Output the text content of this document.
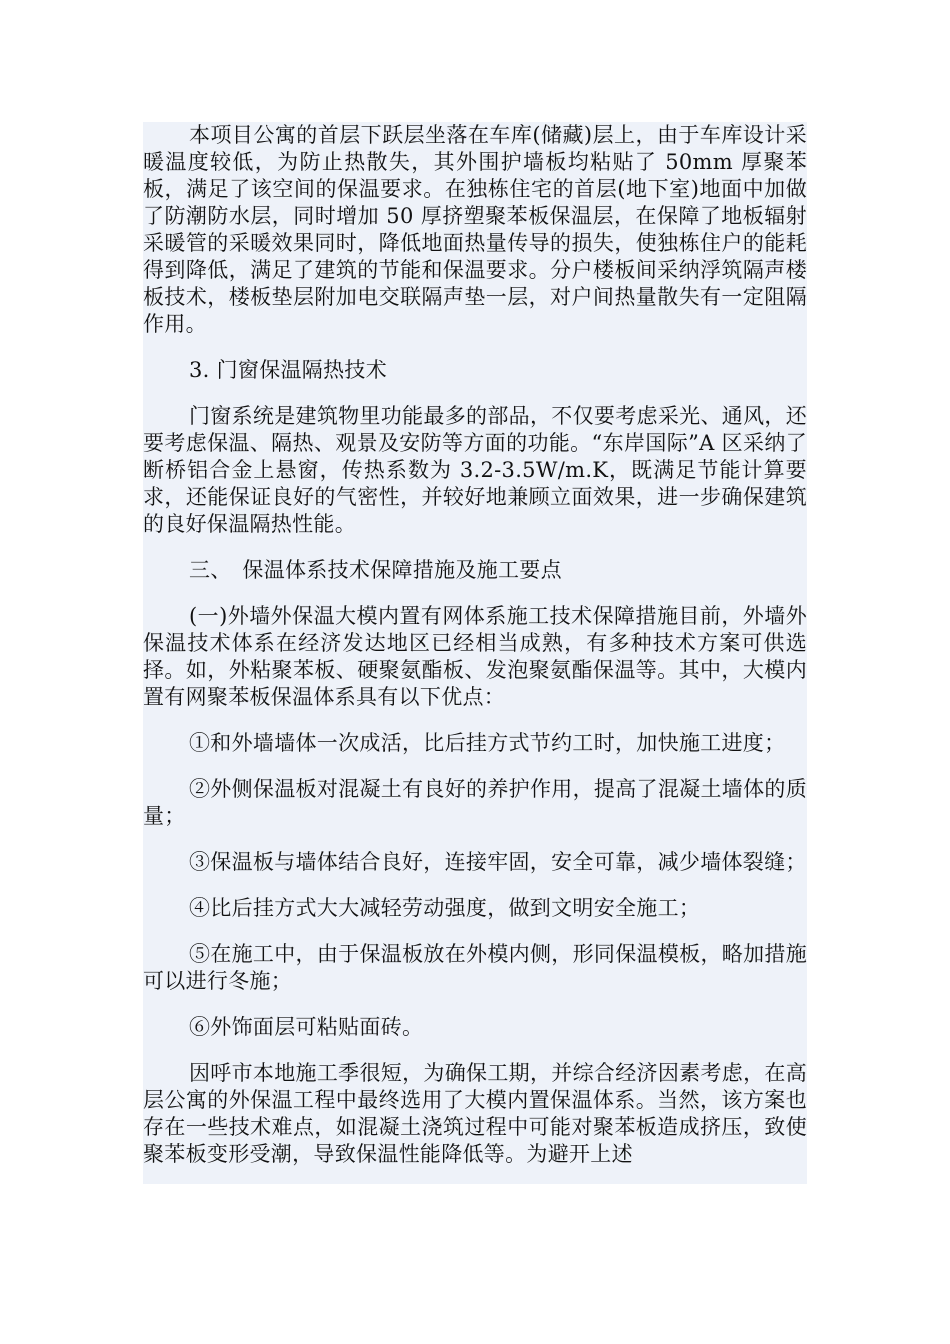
本项目公寓的首层下跃层坐落在车库(储藏)层上，由于车库设计采暖温度较低，为防止热散失，其外围护墙板均粘贴了 50mm 厚聚苯板，满足了该空间的保温要求。在独栋住宅的首层(地下室)地面中加做了防潮防水层，同时增加 50 厚挤塑聚苯板保温层，在保障了地板辐射采暖管的采暖效果同时，降低地面热量传导的损失，使独栋住户的能耗得到降低，满足了建筑的节能和保温要求。分户楼板间采纳浮筑隔声楼板技术，楼板垫层附加电交联隔声垫一层，对户间热量散失有一定阻隔作用。

3. 门窗保温隔热技术

门窗系统是建筑物里功能最多的部品，不仅要考虑采光、通风，还要考虑保温、隔热、观景及安防等方面的功能。“东岸国际”A 区采纳了断桥铝合金上悬窗，传热系数为 3.2-3.5W/m.K，既满足节能计算要求，还能保证良好的气密性，并较好地兼顾立面效果，进一步确保建筑的良好保温隔热性能。

三、　保温体系技术保障措施及施工要点

(一)外墙外保温大模内置有网体系施工技术保障措施目前，外墙外保温技术体系在经济发达地区已经相当成熟，有多种技术方案可供选择。如，外粘聚苯板、硬聚氨酯板、发泡聚氨酯保温等。其中，大模内置有网聚苯板保温体系具有以下优点：

①和外墙墙体一次成活，比后挂方式节约工时，加快施工进度；

②外侧保温板对混凝土有良好的养护作用，提高了混凝土墙体的质量；

③保温板与墙体结合良好，连接牢固，安全可靠，减少墙体裂缝；

④比后挂方式大大减轻劳动强度，做到文明安全施工；

⑤在施工中，由于保温板放在外模内侧，形同保温模板，略加措施可以进行冬施；

⑥外饰面层可粘贴面砖。

因呼市本地施工季很短，为确保工期，并综合经济因素考虑，在高层公寓的外保温工程中最终选用了大模内置保温体系。当然，该方案也存在一些技术难点，如混凝土浇筑过程中可能对聚苯板造成挤压，致使聚苯板变形受潮，导致保温性能降低等。为避开上述
